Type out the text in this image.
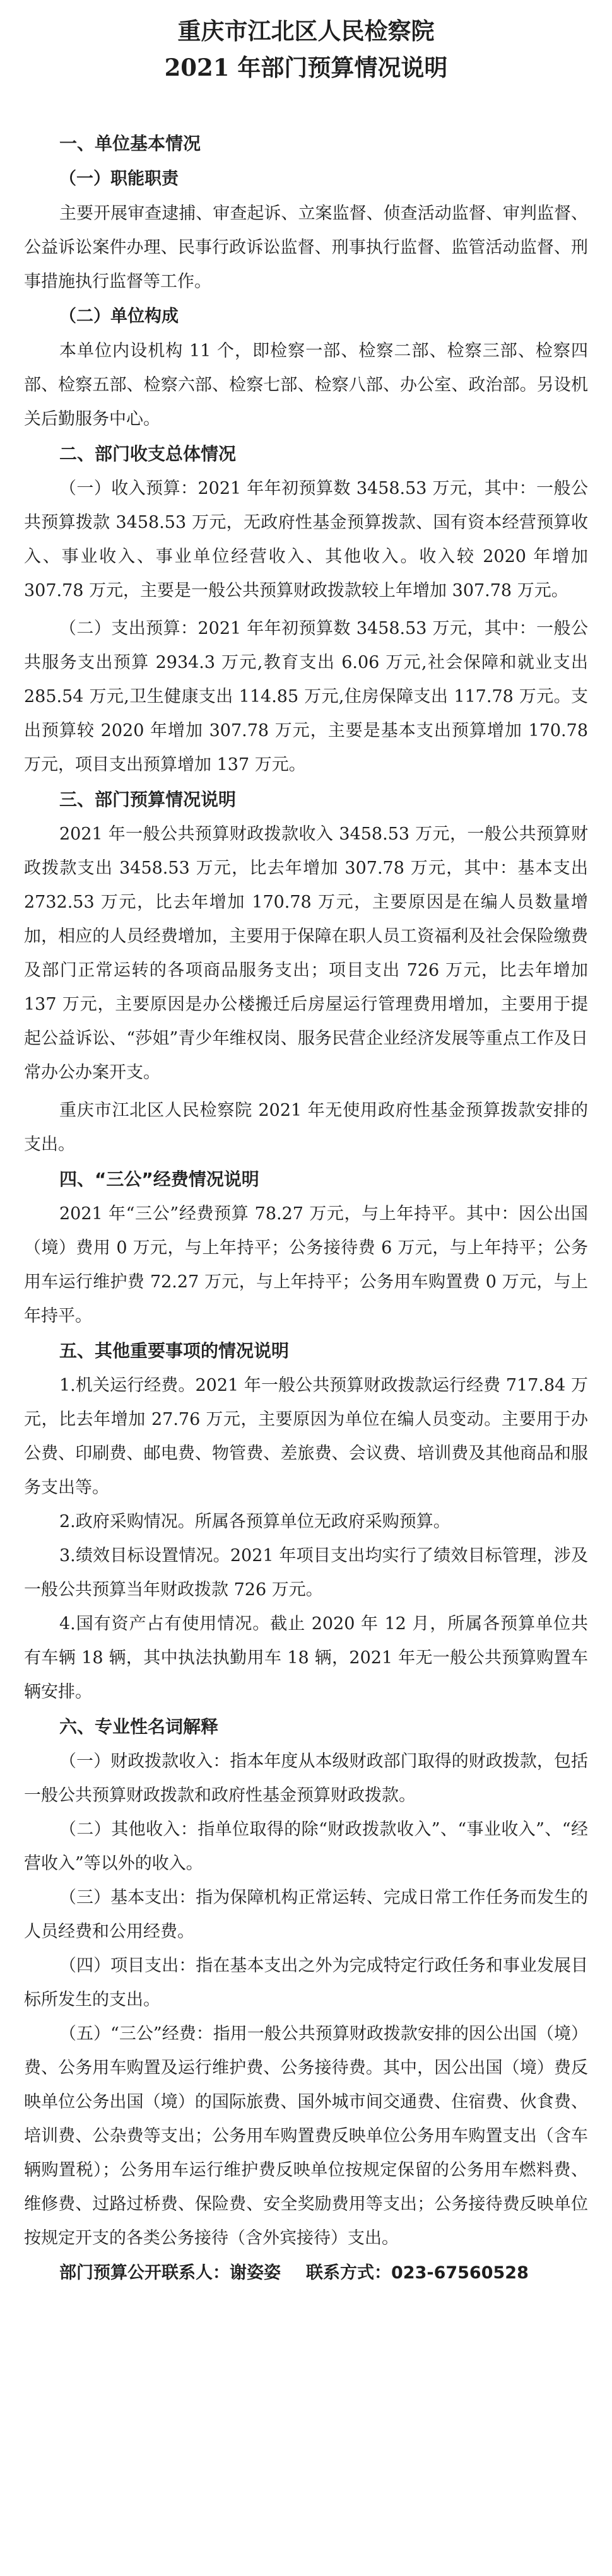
重庆市江北区人民检察院
2021 年部门预算情况说明
一、单位基本情况
（一）职能职责

主要开展审查逮捕、审查起诉、立案监督、侦查活动监督、审判监督、公益诉讼案件办理、民事行政诉讼监督、刑事执行监督、监管活动监督、刑事措施执行监督等工作。

（二）单位构成

本单位内设机构 11 个，即检察一部、检察二部、检察三部、检察四部、检察五部、检察六部、检察七部、检察八部、办公室、政治部。另设机关后勤服务中心。

二、部门收支总体情况

（一）收入预算：2021 年年初预算数 3458.53 万元，其中：一般公共预算拨款 3458.53 万元，无政府性基金预算拨款、国有资本经营预算收入、事业收入、事业单位经营收入、其他收入。收入较 2020 年增加 307.78 万元，主要是一般公共预算财政拨款较上年增加 307.78 万元。

（二）支出预算：2021 年年初预算数 3458.53 万元，其中：一般公共服务支出预算 2934.3 万元,教育支出 6.06 万元,社会保障和就业支出 285.54 万元,卫生健康支出 114.85 万元,住房保障支出 117.78 万元。支出预算较 2020 年增加 307.78 万元，主要是基本支出预算增加 170.78 万元，项目支出预算增加 137 万元。

三、部门预算情况说明

2021 年一般公共预算财政拨款收入 3458.53 万元，一般公共预算财政拨款支出 3458.53 万元，比去年增加 307.78 万元，其中：基本支出 2732.53 万元，比去年增加 170.78 万元，主要原因是在编人员数量增加，相应的人员经费增加，主要用于保障在职人员工资福利及社会保险缴费及部门正常运转的各项商品服务支出；项目支出 726 万元，比去年增加 137 万元，主要原因是办公楼搬迁后房屋运行管理费用增加，主要用于提起公益诉讼、“莎姐”青少年维权岗、服务民营企业经济发展等重点工作及日常办公办案开支。

重庆市江北区人民检察院 2021 年无使用政府性基金预算拨款安排的支出。

四、“三公”经费情况说明

2021 年“三公”经费预算 78.27 万元，与上年持平。其中：因公出国（境）费用 0 万元，与上年持平；公务接待费 6 万元，与上年持平；公务用车运行维护费 72.27 万元，与上年持平；公务用车购置费 0 万元，与上年持平。

五、其他重要事项的情况说明

1.机关运行经费。2021 年一般公共预算财政拨款运行经费 717.84 万元，比去年增加 27.76 万元，主要原因为单位在编人员变动。主要用于办公费、印刷费、邮电费、物管费、差旅费、会议费、培训费及其他商品和服务支出等。

2.政府采购情况。所属各预算单位无政府采购预算。

3.绩效目标设置情况。2021 年项目支出均实行了绩效目标管理，涉及一般公共预算当年财政拨款 726 万元。

4.国有资产占有使用情况。截止 2020 年 12 月，所属各预算单位共有车辆 18 辆，其中执法执勤用车 18 辆，2021 年无一般公共预算购置车辆安排。

六、专业性名词解释

（一）财政拨款收入：指本年度从本级财政部门取得的财政拨款，包括一般公共预算财政拨款和政府性基金预算财政拨款。

（二）其他收入：指单位取得的除“财政拨款收入”、“事业收入”、“经营收入”等以外的收入。

（三）基本支出：指为保障机构正常运转、完成日常工作任务而发生的人员经费和公用经费。

（四）项目支出：指在基本支出之外为完成特定行政任务和事业发展目标所发生的支出。

（五）“三公”经费：指用一般公共预算财政拨款安排的因公出国（境）费、公务用车购置及运行维护费、公务接待费。其中，因公出国（境）费反映单位公务出国（境）的国际旅费、国外城市间交通费、住宿费、伙食费、培训费、公杂费等支出；公务用车购置费反映单位公务用车购置支出（含车辆购置税）；公务用车运行维护费反映单位按规定保留的公务用车燃料费、维修费、过路过桥费、保险费、安全奖励费用等支出；公务接待费反映单位按规定开支的各类公务接待（含外宾接待）支出。

部门预算公开联系人：谢姿姿 联系方式：023-67560528
